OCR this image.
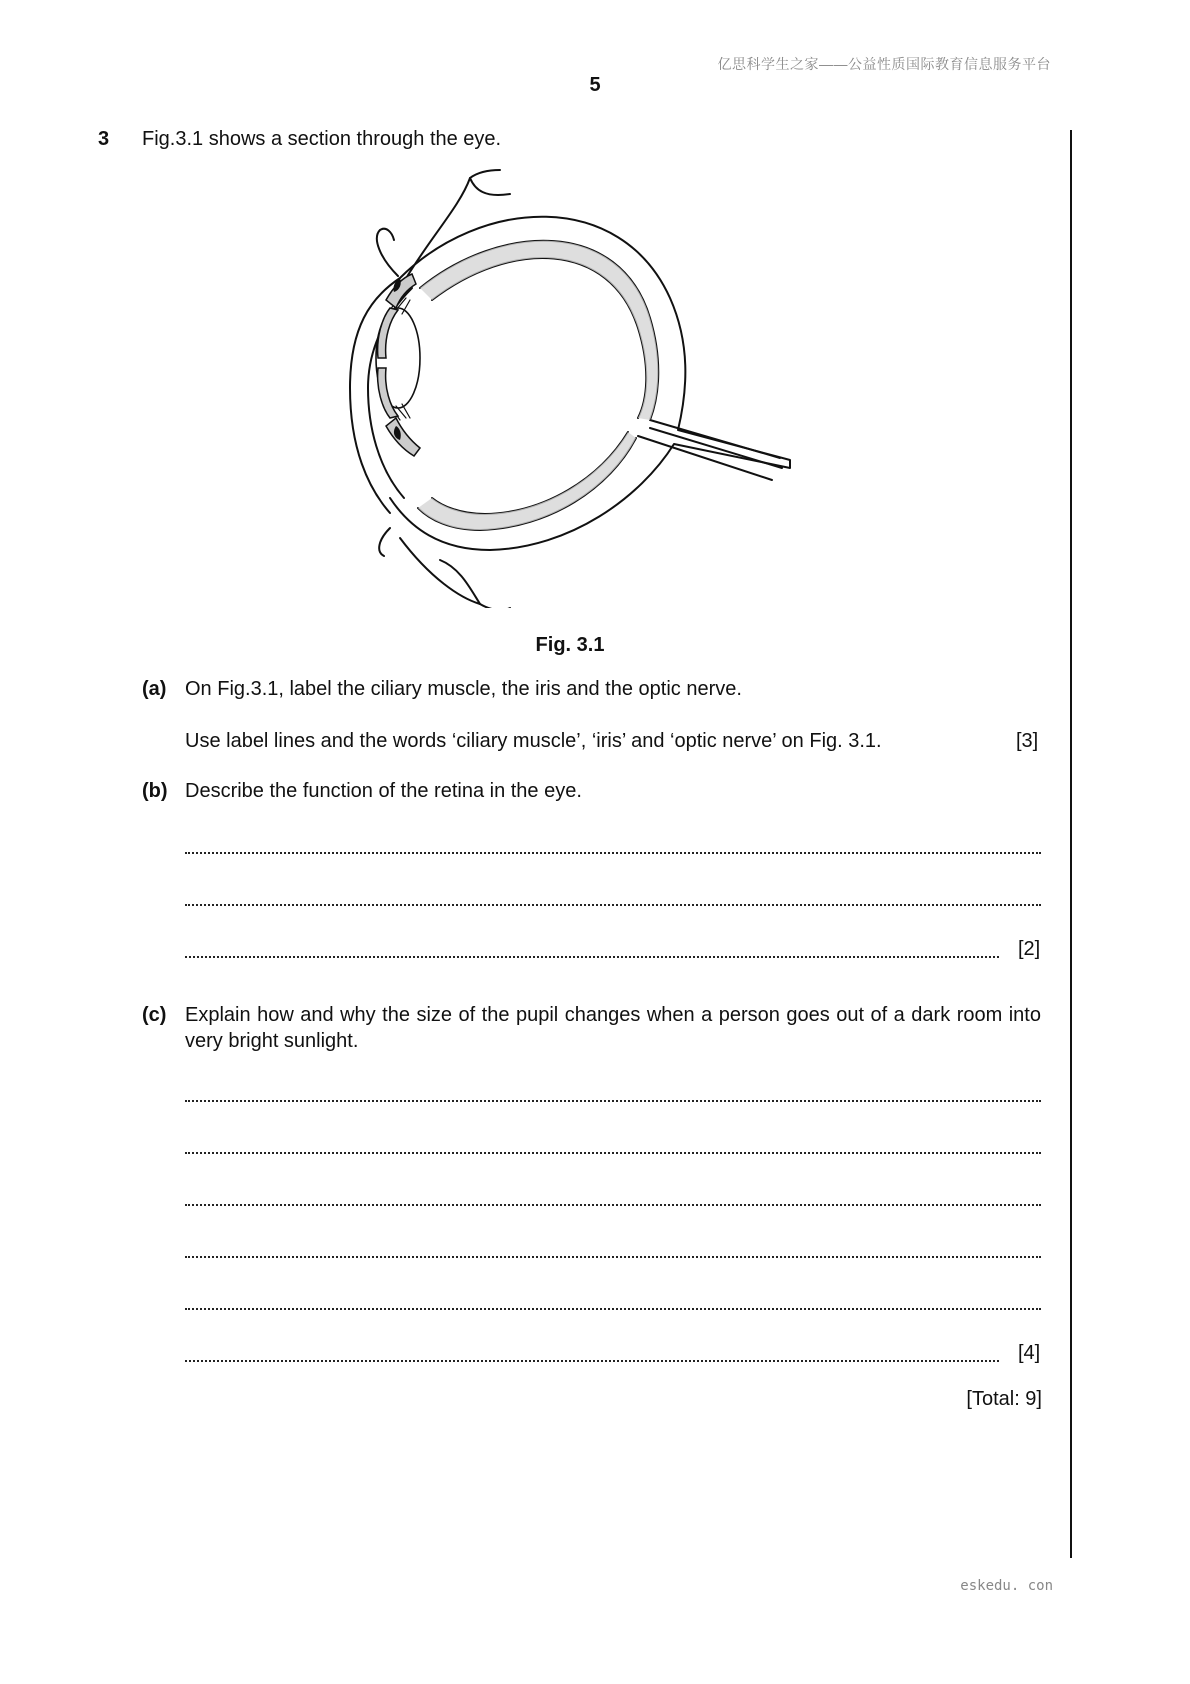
亿思科学生之家——公益性质国际教育信息服务平台
5
3 Fig.3.1 shows a section through the eye.
Fig. 3.1
(a) On Fig.3.1, label the ciliary muscle, the iris and the optic nerve.
Use label lines and the words ‘ciliary muscle’, ‘iris’ and ‘optic nerve’ on Fig. 3.1.	[3]
(b) Describe the function of the retina in the eye.
[2]
(c) Explain how and why the size of the pupil changes when a person goes out of a dark room into very bright sunlight.
[4]
[Total: 9]
eskedu. con
